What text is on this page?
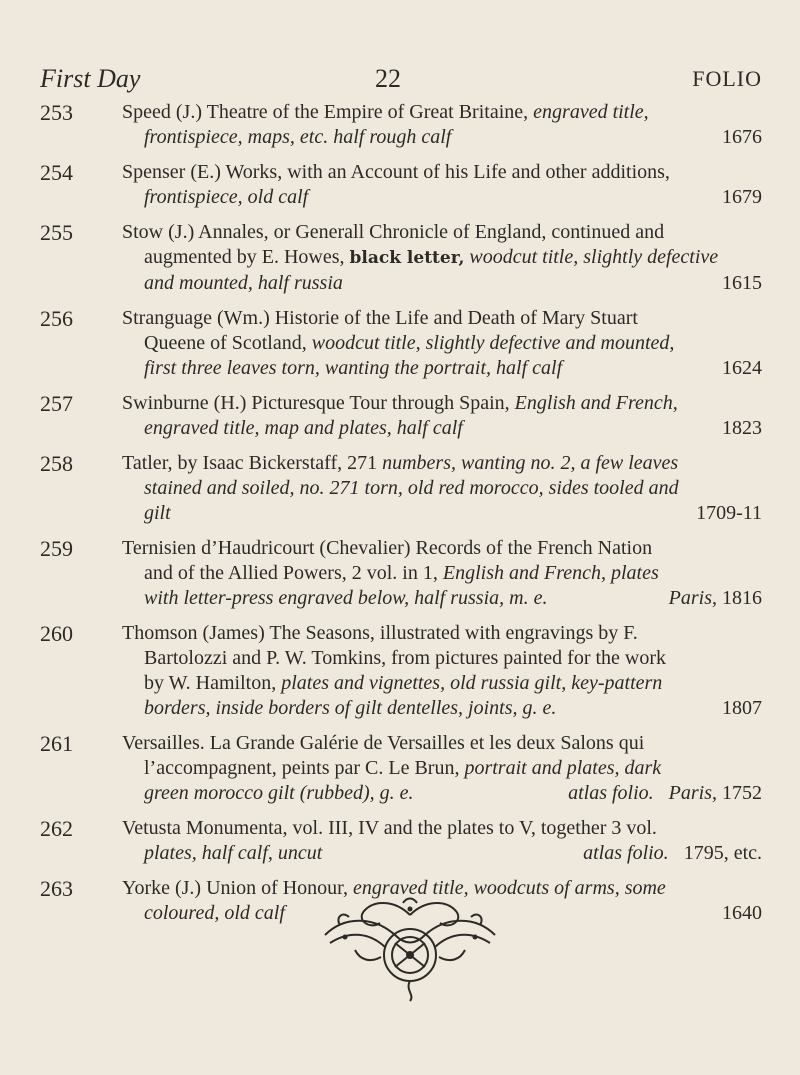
First Day	22	FOLIO
253 Speed (J.) Theatre of the Empire of Great Britaine, engraved title,
frontispiece, maps, etc. half rough calf	1676
254 Spenser (E.) Works, with an Account of his Life and other additions,
frontispiece, old calf	1679
255 Stow (J.) Annales, or Generall Chronicle of England, continued and
augmented by E. Howes, black letter, woodcut title, slightly defective
and mounted, half russia	1615
256 Stranguage (Wm.) Historie of the Life and Death of Mary Stuart
Queene of Scotland, woodcut title, slightly defective and mounted,
first three leaves torn, wanting the portrait, half calf	1624
257 Swinburne (H.) Picturesque Tour through Spain, English and French,
engraved title, map and plates, half calf	1823
258 Tatler, by Isaac Bickerstaff, 271 numbers, wanting no. 2, a few leaves
stained and soiled, no. 271 torn, old red morocco, sides tooled and
gilt	1709-11
259 Ternisien d’Haudricourt (Chevalier) Records of the French Nation
and of the Allied Powers, 2 vol. in 1, English and French, plates
with letter-press engraved below, half russia, m. e.	Paris, 1816
260 Thomson (James) The Seasons, illustrated with engravings by F.
Bartolozzi and P. W. Tomkins, from pictures painted for the work
by W. Hamilton, plates and vignettes, old russia gilt, key-pattern
borders, inside borders of gilt dentelles, joints, g. e.	1807
261 Versailles. La Grande Galérie de Versailles et les deux Salons qui
l’accompagnent, peints par C. Le Brun, portrait and plates, dark
green morocco gilt (rubbed), g. e.	atlas folio. Paris, 1752
262 Vetusta Monumenta, vol. III, IV and the plates to V, together 3 vol.
plates, half calf, uncut	atlas folio. 1795, etc.
263 Yorke (J.) Union of Honour, engraved title, woodcuts of arms, some
coloured, old calf	1640
